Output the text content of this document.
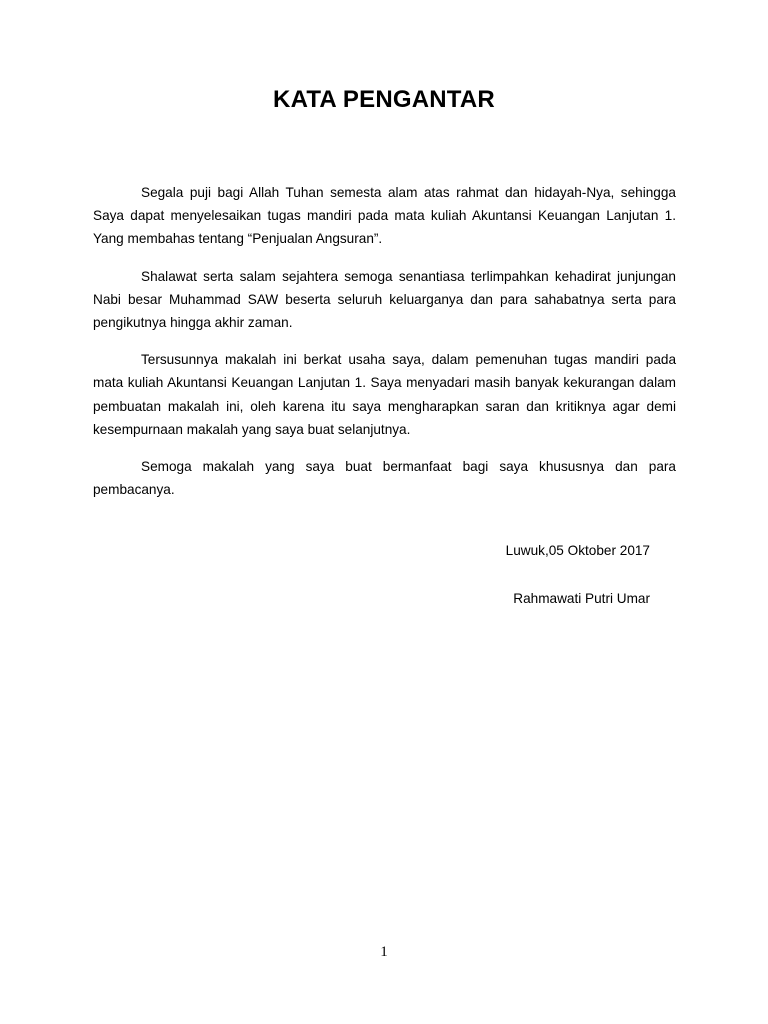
KATA PENGANTAR

Segala puji bagi Allah Tuhan semesta alam atas rahmat dan hidayah-Nya, sehingga Saya dapat menyelesaikan tugas mandiri pada mata kuliah Akuntansi Keuangan Lanjutan 1. Yang membahas tentang “Penjualan Angsuran”.

Shalawat serta salam sejahtera semoga senantiasa terlimpahkan kehadirat junjungan Nabi besar Muhammad SAW beserta seluruh keluarganya dan para sahabatnya serta para pengikutnya hingga akhir zaman.

Tersusunnya makalah ini berkat usaha saya, dalam pemenuhan tugas mandiri pada mata kuliah Akuntansi Keuangan Lanjutan 1. Saya menyadari masih banyak kekurangan dalam pembuatan makalah ini, oleh karena itu saya mengharapkan saran dan kritiknya agar demi kesempurnaan makalah yang saya buat selanjutnya.

Semoga makalah yang saya buat bermanfaat bagi saya khususnya dan para pembacanya.

Luwuk,05 Oktober 2017
Rahmawati Putri Umar
1
